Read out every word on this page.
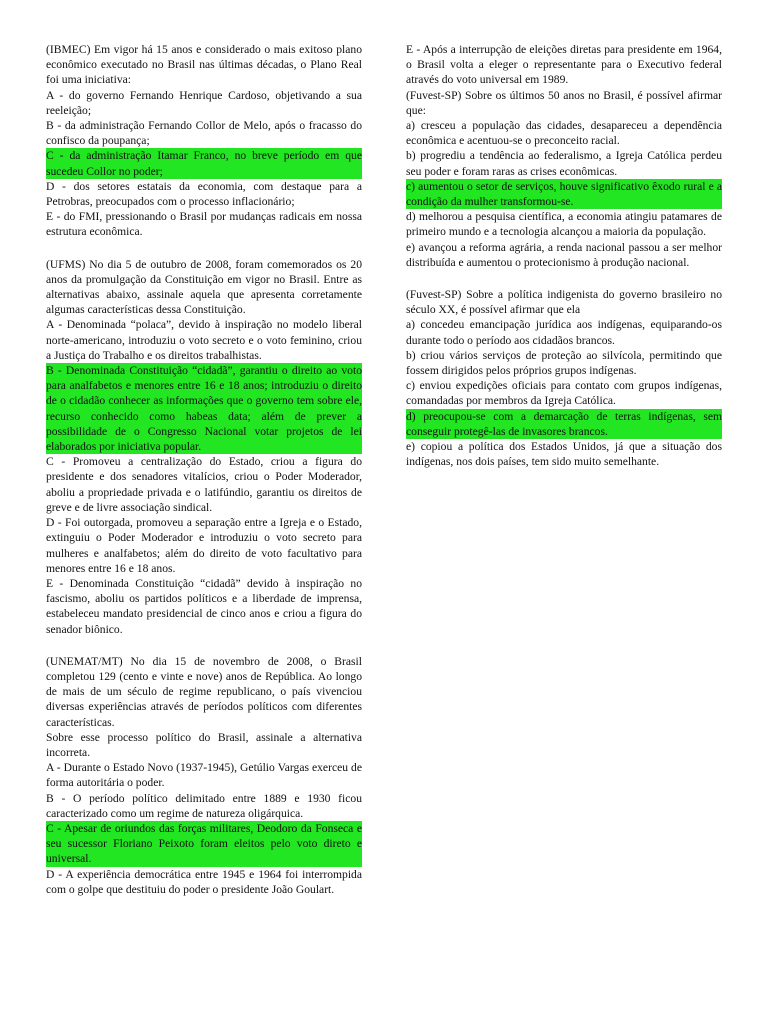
(IBMEC) Em vigor há 15 anos e considerado o mais exitoso plano econômico executado no Brasil nas últimas décadas, o Plano Real foi uma iniciativa:

A - do governo Fernando Henrique Cardoso, objetivando a sua reeleição;

B - da administração Fernando Collor de Melo, após o fracasso do confisco da poupança;

C - da administração Itamar Franco, no breve período em que sucedeu Collor no poder;

D - dos setores estatais da economia, com destaque para a Petrobras, preocupados com o processo inflacionário;

E - do FMI, pressionando o Brasil por mudanças radicais em nossa estrutura econômica.

(UFMS) No dia 5 de outubro de 2008, foram comemorados os 20 anos da promulgação da Constituição em vigor no Brasil. Entre as alternativas abaixo, assinale aquela que apresenta corretamente algumas características dessa Constituição.

A - Denominada “polaca”, devido à inspiração no modelo liberal norte-americano, introduziu o voto secreto e o voto feminino, criou a Justiça do Trabalho e os direitos trabalhistas.

B - Denominada Constituição “cidadã”, garantiu o direito ao voto para analfabetos e menores entre 16 e 18 anos; introduziu o direito de o cidadão conhecer as informações que o governo tem sobre ele, recurso conhecido como habeas data; além de prever a possibilidade de o Congresso Nacional votar projetos de lei elaborados por iniciativa popular.

C - Promoveu a centralização do Estado, criou a figura do presidente e dos senadores vitalícios, criou o Poder Moderador, aboliu a propriedade privada e o latifúndio, garantiu os direitos de greve e de livre associação sindical.

D - Foi outorgada, promoveu a separação entre a Igreja e o Estado, extinguiu o Poder Moderador e introduziu o voto secreto para mulheres e analfabetos; além do direito de voto facultativo para menores entre 16 e 18 anos.

E - Denominada Constituição “cidadã” devido à inspiração no fascismo, aboliu os partidos políticos e a liberdade de imprensa, estabeleceu mandato presidencial de cinco anos e criou a figura do senador biônico.

(UNEMAT/MT) No dia 15 de novembro de 2008, o Brasil completou 129 (cento e vinte e nove) anos de República. Ao longo de mais de um século de regime republicano, o país vivenciou diversas experiências através de períodos políticos com diferentes características.

Sobre esse processo político do Brasil, assinale a alternativa incorreta.

A - Durante o Estado Novo (1937-1945), Getúlio Vargas exerceu de forma autoritária o poder.

B - O período político delimitado entre 1889 e 1930 ficou caracterizado como um regime de natureza oligárquica.

C - Apesar de oriundos das forças militares, Deodoro da Fonseca e seu sucessor Floriano Peixoto foram eleitos pelo voto direto e universal.

D - A experiência democrática entre 1945 e 1964 foi interrompida com o golpe que destituiu do poder o presidente João Goulart.

E - Após a interrupção de eleições diretas para presidente em 1964, o Brasil volta a eleger o representante para o Executivo federal através do voto universal em 1989.

(Fuvest-SP) Sobre os últimos 50 anos no Brasil, é possível afirmar que:

a) cresceu a população das cidades, desapareceu a dependência econômica e acentuou-se o preconceito racial.

b) progrediu a tendência ao federalismo, a Igreja Católica perdeu seu poder e foram raras as crises econômicas.

c) aumentou o setor de serviços, houve significativo êxodo rural e a condição da mulher transformou-se.

d) melhorou a pesquisa científica, a economia atingiu patamares de primeiro mundo e a tecnologia alcançou a maioria da população.

e) avançou a reforma agrária, a renda nacional passou a ser melhor distribuída e aumentou o protecionismo à produção nacional.

(Fuvest-SP) Sobre a política indigenista do governo brasileiro no século XX, é possível afirmar que ela

a) concedeu emancipação jurídica aos indígenas, equiparando-os durante todo o período aos cidadãos brancos.

b) criou vários serviços de proteção ao silvícola, permitindo que fossem dirigidos pelos próprios grupos indígenas.

c) enviou expedições oficiais para contato com grupos indígenas, comandadas por membros da Igreja Católica.

d) preocupou-se com a demarcação de terras indígenas, sem conseguir protegê-las de invasores brancos.

e) copiou a política dos Estados Unidos, já que a situação dos indígenas, nos dois países, tem sido muito semelhante.
